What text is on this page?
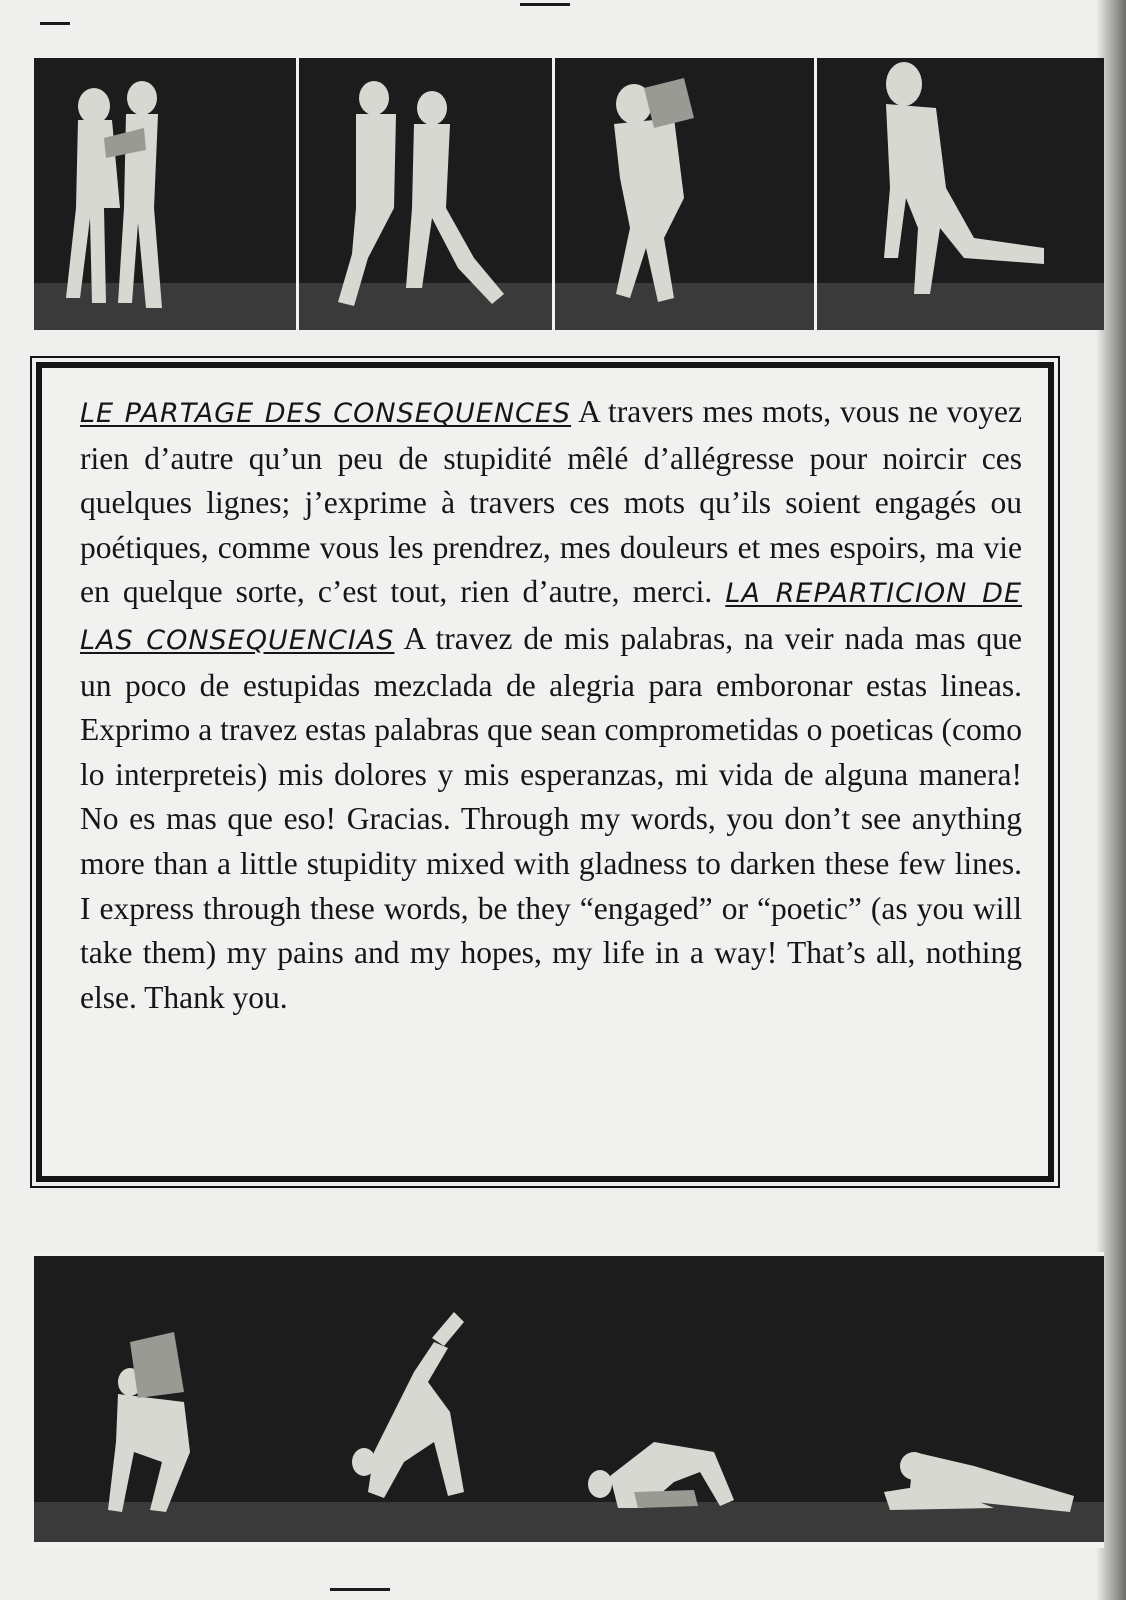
LE PARTAGE DES CONSEQUENCES A travers mes mots, vous ne voyez rien d’autre qu’un peu de stupidité mêlé d’allégresse pour noircir ces quelques lignes; j’exprime à travers ces mots qu’ils soient engagés ou poétiques, comme vous les prendrez, mes douleurs et mes espoirs, ma vie en quelque sorte, c’est tout, rien d’autre, merci. LA REPARTICION DE LAS CONSEQUENCIAS A travez de mis palabras, na veir nada mas que un poco de estupidas mezclada de alegria para emboronar estas lineas. Exprimo a travez estas palabras que sean comprometidas o poeticas (como lo interpreteis) mis dolores y mis esperanzas, mi vida de alguna manera! No es mas que eso! Gracias. Through my words, you don’t see anything more than a little stupidity mixed with gladness to darken these few lines. I express through these words, be they “engaged” or “poetic” (as you will take them) my pains and my hopes, my life in a way! That’s all, nothing else. Thank you.
